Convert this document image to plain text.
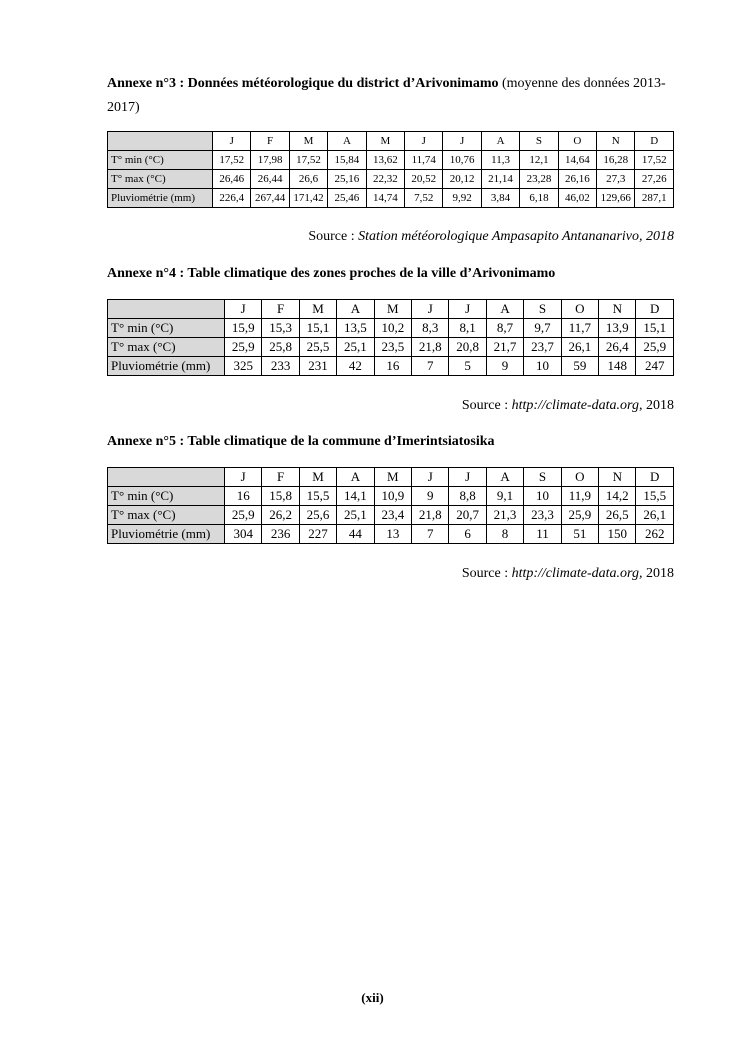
Annexe n°3 : Données météorologique du district d’Arivonimamo (moyenne des données 2013-2017)

	J	F	M	A	M	J	J	A	S	O	N	D
T° min (°C)	17,52	17,98	17,52	15,84	13,62	11,74	10,76	11,3	12,1	14,64	16,28	17,52
T° max (°C)	26,46	26,44	26,6	25,16	22,32	20,52	20,12	21,14	23,28	26,16	27,3	27,26
Pluviométrie (mm)	226,4	267,44	171,42	25,46	14,74	7,52	9,92	3,84	6,18	46,02	129,66	287,1
Source : Station météorologique Ampasapito Antananarivo, 2018

Annexe n°4 : Table climatique des zones proches de la ville d’Arivonimamo

	J	F	M	A	M	J	J	A	S	O	N	D
T° min (°C)	15,9	15,3	15,1	13,5	10,2	8,3	8,1	8,7	9,7	11,7	13,9	15,1
T° max (°C)	25,9	25,8	25,5	25,1	23,5	21,8	20,8	21,7	23,7	26,1	26,4	25,9
Pluviométrie (mm)	325	233	231	42	16	7	5	9	10	59	148	247
Source : http://climate-data.org, 2018

Annexe n°5 : Table climatique de la commune d’Imerintsiatosika

	J	F	M	A	M	J	J	A	S	O	N	D
T° min (°C)	16	15,8	15,5	14,1	10,9	9	8,8	9,1	10	11,9	14,2	15,5
T° max (°C)	25,9	26,2	25,6	25,1	23,4	21,8	20,7	21,3	23,3	25,9	26,5	26,1
Pluviométrie (mm)	304	236	227	44	13	7	6	8	11	51	150	262
Source : http://climate-data.org, 2018
(xii)
